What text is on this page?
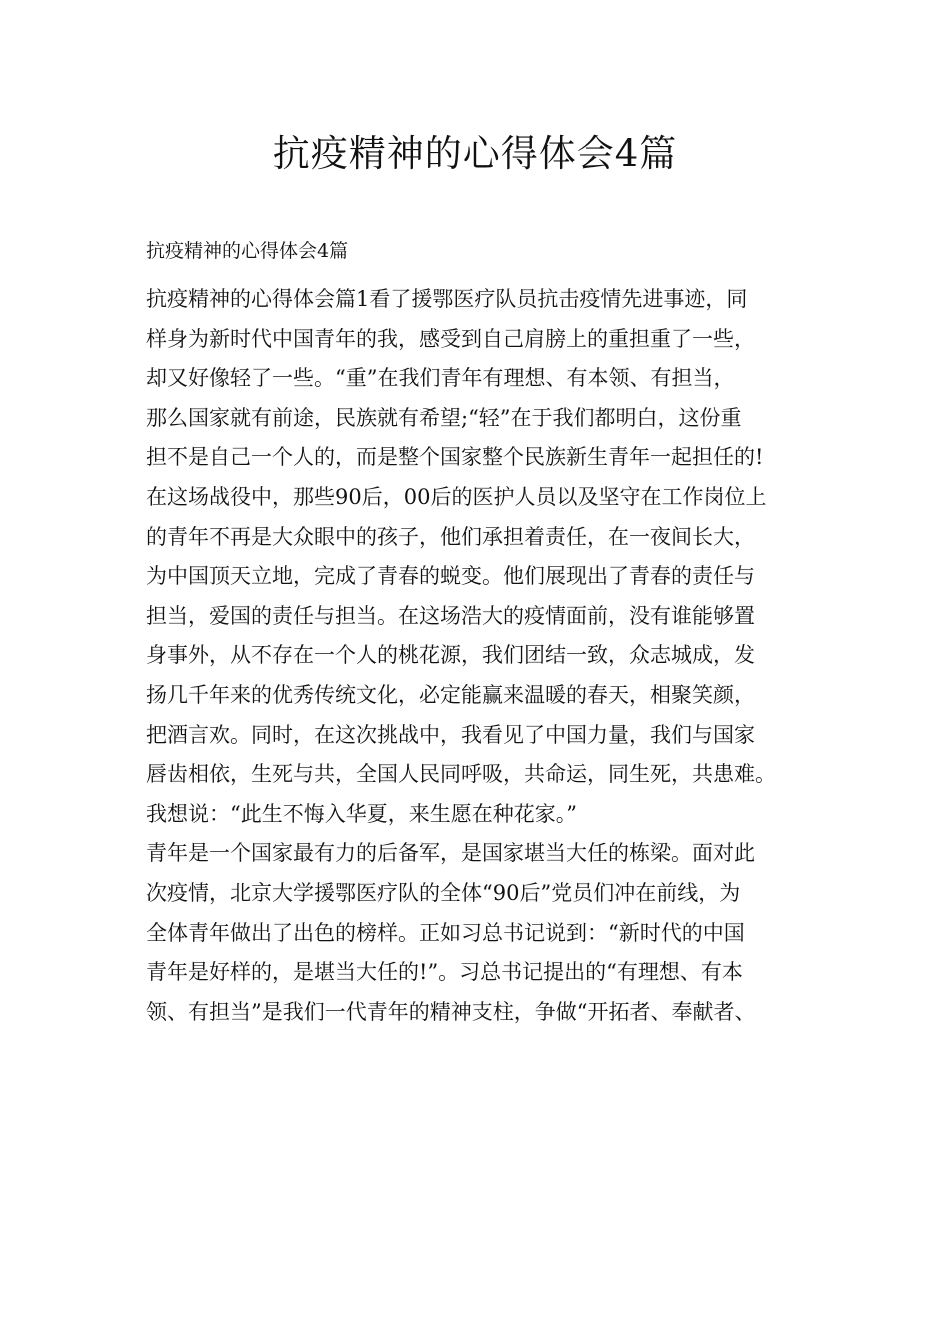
抗疫精神的心得体会4篇
抗疫精神的心得体会4篇
抗疫精神的心得体会篇1看了援鄂医疗队员抗击疫情先进事迹，同
样身为新时代中国青年的我，感受到自己肩膀上的重担重了一些，
却又好像轻了一些。“重”在我们青年有理想、有本领、有担当，
那么国家就有前途，民族就有希望;“轻”在于我们都明白，这份重
担不是自己一个人的，而是整个国家整个民族新生青年一起担任的!
在这场战役中，那些90后，00后的医护人员以及坚守在工作岗位上
的青年不再是大众眼中的孩子，他们承担着责任，在一夜间长大，
为中国顶天立地，完成了青春的蜕变。他们展现出了青春的责任与
担当，爱国的责任与担当。在这场浩大的疫情面前，没有谁能够置
身事外，从不存在一个人的桃花源，我们团结一致，众志城成，发
扬几千年来的优秀传统文化，必定能赢来温暖的春天，相聚笑颜，
把酒言欢。同时，在这次挑战中，我看见了中国力量，我们与国家
唇齿相依，生死与共，全国人民同呼吸，共命运，同生死，共患难。
我想说：“此生不悔入华夏，来生愿在种花家。”
青年是一个国家最有力的后备军，是国家堪当大任的栋梁。面对此
次疫情，北京大学援鄂医疗队的全体“90后”党员们冲在前线，为
全体青年做出了出色的榜样。正如习总书记说到：“新时代的中国
青年是好样的，是堪当大任的!”。习总书记提出的“有理想、有本
领、有担当”是我们一代青年的精神支柱，争做“开拓者、奉献者、
